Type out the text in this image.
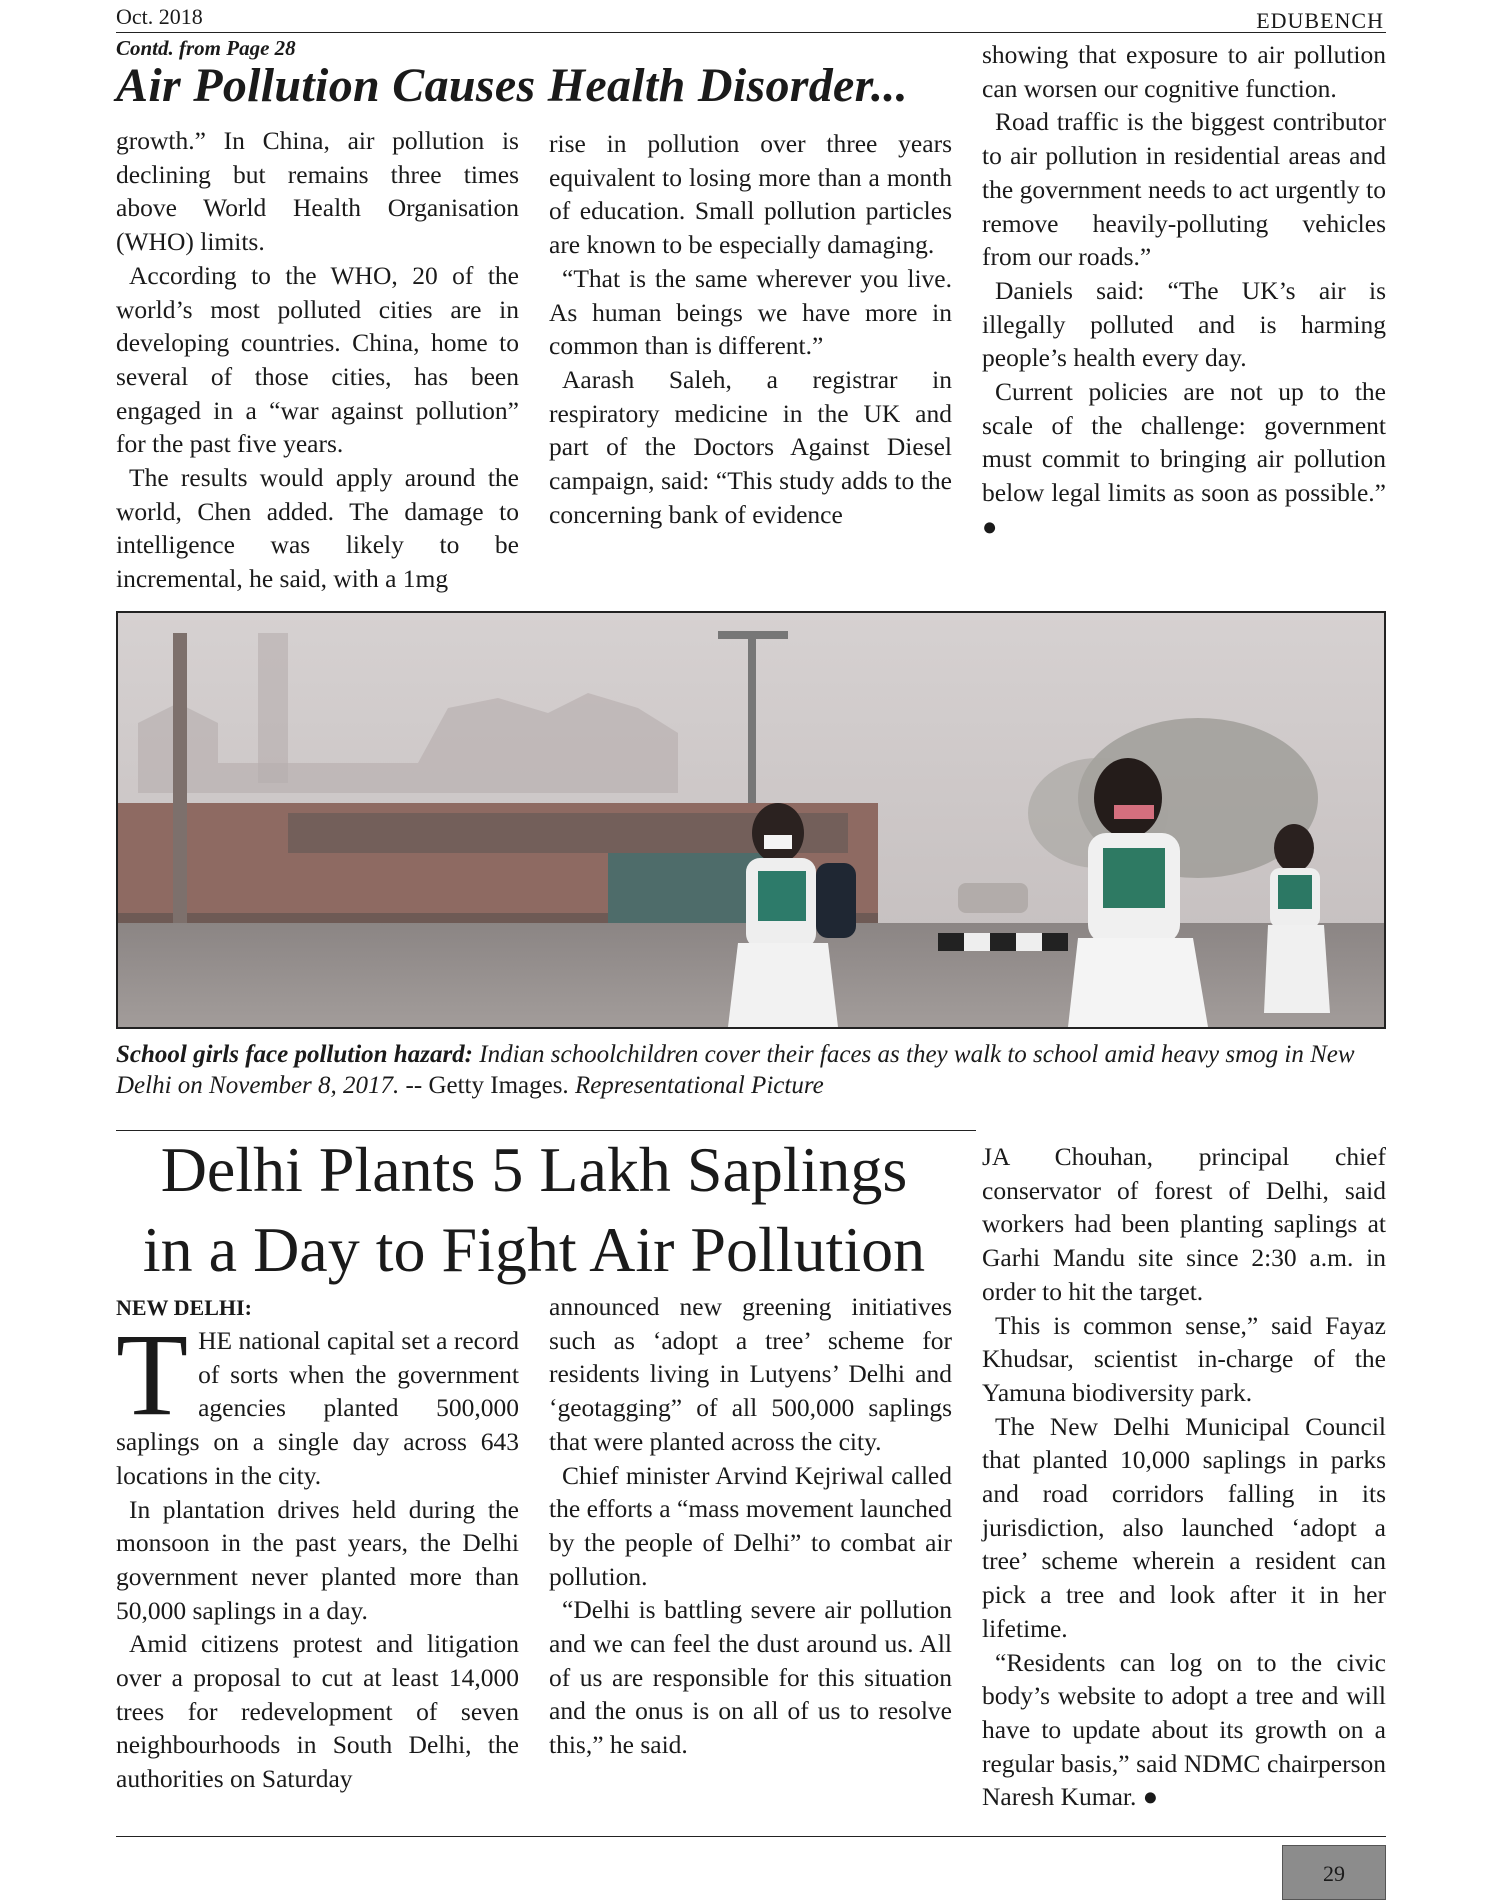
Oct. 2018	EDUBENCH
Contd. from Page 28
Air Pollution Causes Health Disorder...

growth.” In China, air pollution is declining but remains three times above World Health Organisation (WHO) limits.

According to the WHO, 20 of the world’s most polluted cities are in developing countries. China, home to several of those cities, has been engaged in a “war against pollution” for the past five years.

The results would apply around the world, Chen added. The damage to intelligence was likely to be incremental, he said, with a 1mg

rise in pollution over three years equivalent to losing more than a month of education. Small pollution particles are known to be especially damaging.

“That is the same wherever you live. As human beings we have more in common than is different.”

Aarash Saleh, a registrar in respiratory medicine in the UK and part of the Doctors Against Diesel campaign, said: “This study adds to the concerning bank of evidence

showing that exposure to air pollution can worsen our cognitive function.

Road traffic is the biggest contributor to air pollution in residential areas and the government needs to act urgently to remove heavily-polluting vehicles from our roads.”

Daniels said: “The UK’s air is illegally polluted and is harming people’s health every day.

Current policies are not up to the scale of the challenge: government must commit to bringing air pollution below legal limits as soon as possible.” ●

School girls face pollution hazard: Indian schoolchildren cover their faces as they walk to school amid heavy smog in New Delhi on November 8, 2017. -- Getty Images. Representational Picture
Delhi Plants 5 Lakh Saplings
in a Day to Fight Air Pollution
NEW DELHI:

THE national capital set a record of sorts when the government agencies planted 500,000 saplings on a single day across 643 locations in the city.

In plantation drives held during the monsoon in the past years, the Delhi government never planted more than 50,000 saplings in a day.

Amid citizens protest and litigation over a proposal to cut at least 14,000 trees for redevelopment of seven neighbourhoods in South Delhi, the authorities on Saturday

announced new greening initiatives such as ‘adopt a tree’ scheme for residents living in Lutyens’ Delhi and ‘geotagging” of all 500,000 saplings that were planted across the city.

Chief minister Arvind Kejriwal called the efforts a “mass movement launched by the people of Delhi” to combat air pollution.

“Delhi is battling severe air pollution and we can feel the dust around us. All of us are responsible for this situation and the onus is on all of us to resolve this,” he said.

JA Chouhan, principal chief conservator of forest of Delhi, said workers had been planting saplings at Garhi Mandu site since 2:30 a.m. in order to hit the target.

This is common sense,” said Fayaz Khudsar, scientist in-charge of the Yamuna biodiversity park.

The New Delhi Municipal Council that planted 10,000 saplings in parks and road corridors falling in its jurisdiction, also launched ‘adopt a tree’ scheme wherein a resident can pick a tree and look after it in her lifetime.

“Residents can log on to the civic body’s website to adopt a tree and will have to update about its growth on a regular basis,” said NDMC chairperson Naresh Kumar. ●

29
